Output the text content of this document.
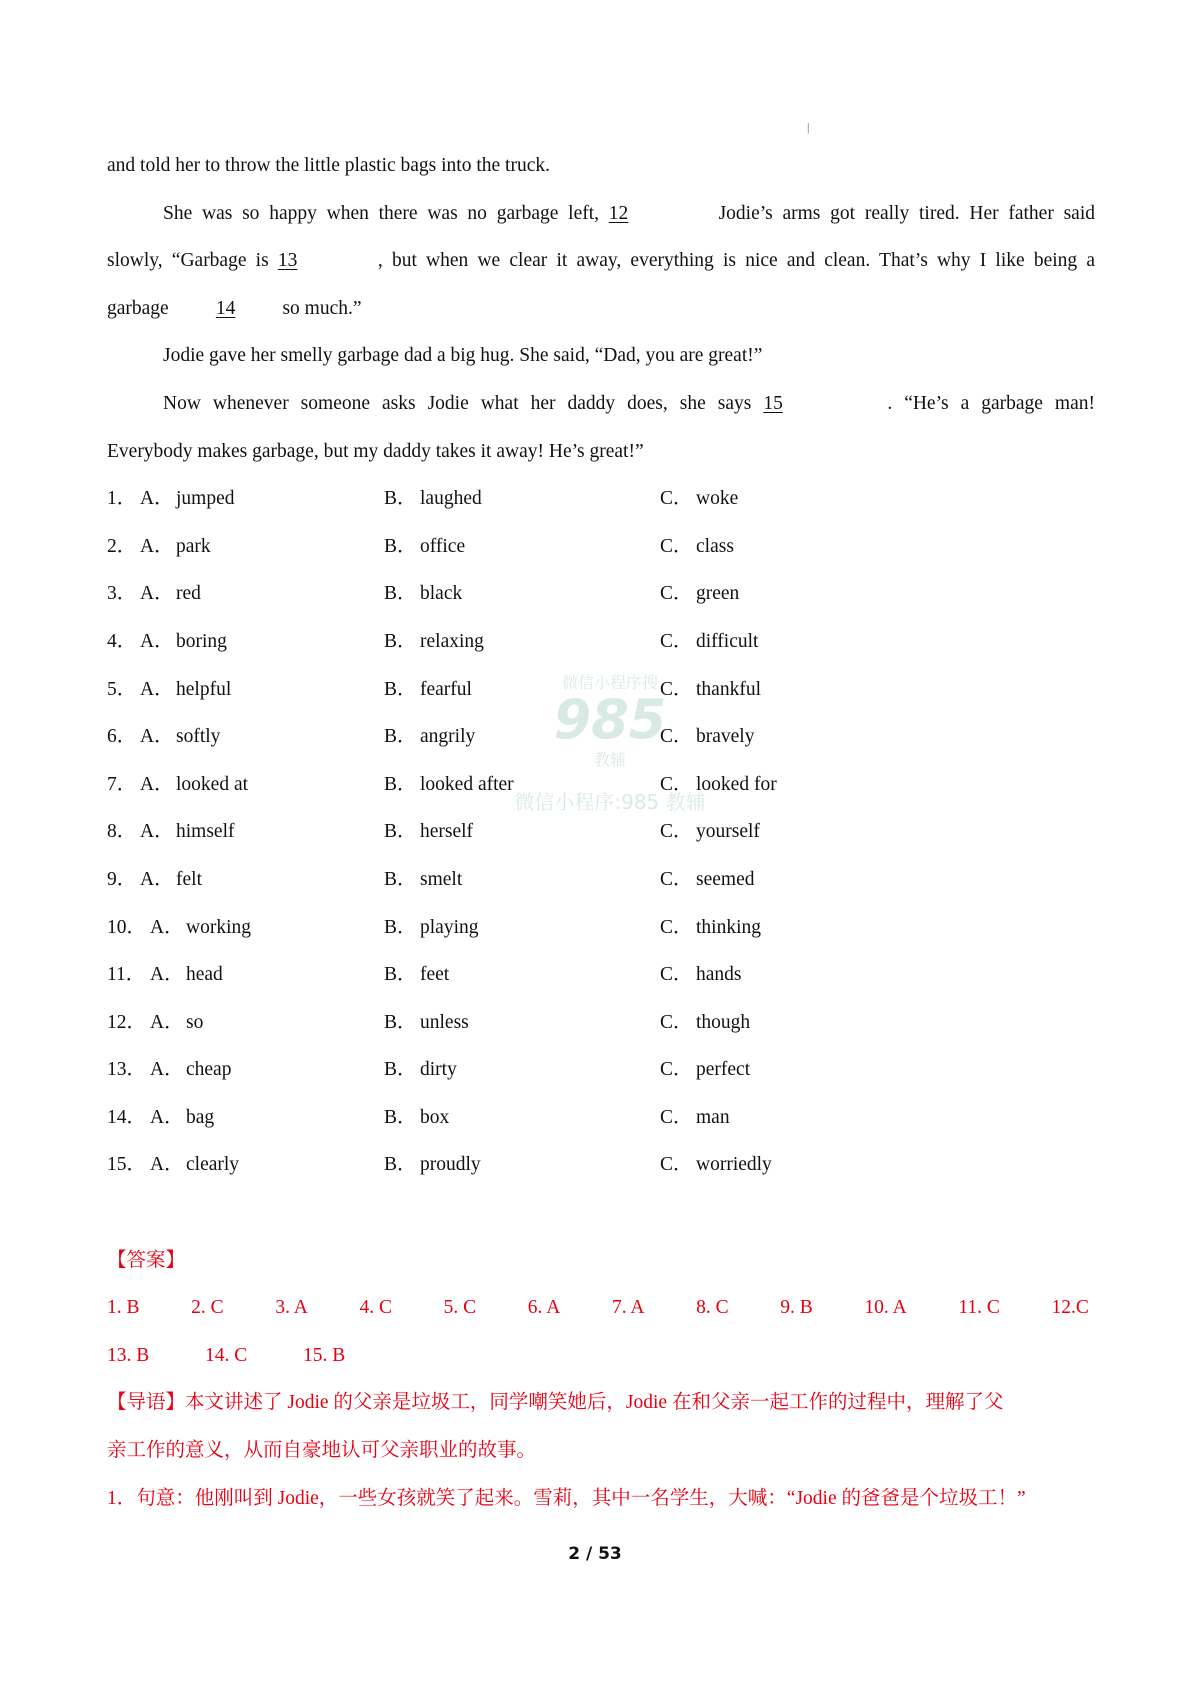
|
微信小程序搜
985
教辅
微信小程序:985 教辅
and told her to throw the little plastic bags into the truck.
She was so happy when there was no garbage left, 12	Jodie’s arms got really tired. Her father said
slowly, “Garbage is 13	, but when we clear it away, everything is nice and clean. That’s why I like being a
garbage 14 so much.”
Jodie gave her smelly garbage dad a big hug. She said, “Dad, you are great!”
Now whenever someone asks Jodie what her daddy does, she says 15	. “He’s a garbage man!
Everybody makes garbage, but my daddy takes it away! He’s great!”
1． A． jumped	B． laughed	C． woke
2． A． park	B． office	C． class
3． A． red	B． black	C． green
4． A． boring	B． relaxing	C． difficult
5． A． helpful	B． fearful	C． thankful
6． A． softly	B． angrily	C． bravely
7． A． looked at	B． looked after	C． looked for
8． A． himself	B． herself	C． yourself
9． A． felt	B． smelt	C． seemed
10． A． working	B． playing	C． thinking
11． A． head	B． feet	C． hands
12． A． so	B． unless	C． though
13． A． cheap	B． dirty	C． perfect
14． A． bag	B． box	C． man
15． A． clearly	B． proudly	C． worriedly
【答案】
1. B	2. C	3. A	4. C	5. C	6. A	7. A	8. C	9. B	10. A	11. C	12.C
13. B	14. C	15. B
【导语】本文讲述了 Jodie 的父亲是垃圾工，同学嘲笑她后，Jodie 在和父亲一起工作的过程中，理解了父
亲工作的意义，从而自豪地认可父亲职业的故事。
1．句意：他刚叫到 Jodie，一些女孩就笑了起来。雪莉，其中一名学生，大喊：“Jodie 的爸爸是个垃圾工！”
2 / 53
